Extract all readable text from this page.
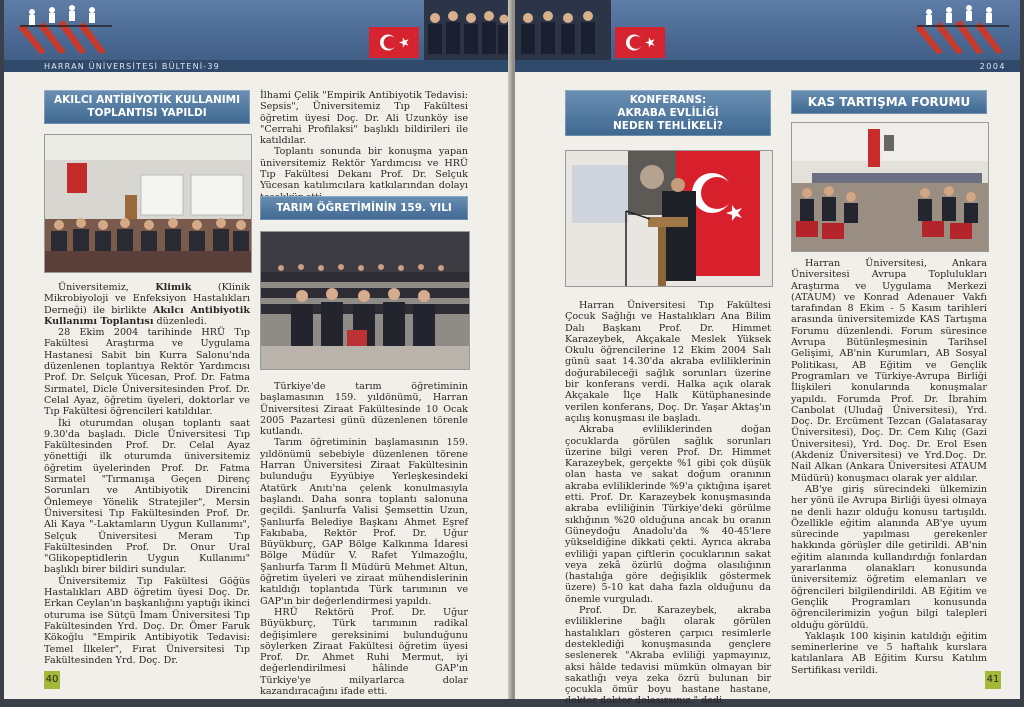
HARRAN ÜNİVERSİTESİ BÜLTENİ-39
AKILCI ANTİBİYOTİK KULLANIMI
TOPLANTISI YAPILDI

Üniversitemiz, Klimik (Klinik Mikrobiyoloji ve Enfeksiyon Hastalıkları Derneği) ile birlikte Akılcı Antibiyotik Kullanımı Toplantısı düzenledi.

28 Ekim 2004 tarihinde HRÜ Tıp Fakültesi Araştırma ve Uygulama Hastanesi Sabit bin Kurra Salonu'nda düzenlenen toplantıya Rektör Yardımcısı Prof. Dr. Selçuk Yücesan, Prof. Dr. Fatma Sırmatel, Dicle Üniversitesinden Prof. Dr. Celal Ayaz, öğretim üyeleri, doktorlar ve Tıp Fakültesi öğrencileri katıldılar.

İki oturumdan oluşan toplantı saat 9.30'da başladı. Dicle Üniversitesi Tıp Fakültesinden Prof. Dr. Celal Ayaz yönettiği ilk oturumda üniversitemiz öğretim üyelerinden Prof. Dr. Fatma Sırmatel "Tırmanışa Geçen Direnç Sorunları ve Antibiyotik Direncini Önlemeye Yönelik Stratejiler", Mersin Üniversitesi Tıp Fakültesinden Prof. Dr. Ali Kaya "-Laktamların Uygun Kullanımı", Selçuk Üniversitesi Meram Tıp Fakültesinden Prof. Dr. Onur Ural "Glikopeptidlerin Uygun Kullanımı" başlıklı birer bildiri sundular.

Üniversitemiz Tıp Fakültesi Göğüs Hastalıkları ABD öğretim üyesi Doç. Dr. Erkan Ceylan'ın başkanlığını yaptığı ikinci oturuma ise Sütçü İmam Üniversitesi Tıp Fakültesinden Yrd. Doç. Dr. Ömer Faruk Kökoğlu "Empirik Antibiyotik Tedavisi: Temel İlkeler", Fırat Üniversitesi Tıp Fakültesinden Yrd. Doç. Dr.

İlhami Çelik "Empirik Antibiyotik Tedavisi: Sepsis", Üniversitemiz Tıp Fakültesi öğretim üyesi Doç. Dr. Ali Uzunköy ise "Cerrahi Profilaksi" başlıklı bildirileri ile katıldılar.

Toplantı sonunda bir konuşma yapan üniversitemiz Rektör Yardımcısı ve HRÜ Tıp Fakültesi Dekanı Prof. Dr. Selçuk Yücesan katılımcılara katkılarından dolayı

TARIM ÖĞRETİMİNİN 159. YILI

Türkiye'de tarım öğretiminin başlamasının 159. yıldönümü, Harran Üniversitesi Ziraat Fakültesinde 10 Ocak 2005 Pazartesi günü düzenlenen törenle kutlandı.

Tarım öğretiminin başlamasının 159. yıldönümü sebebiyle düzenlenen törene Harran Üniversitesi Ziraat Fakültesinin bulunduğu Eyyübiye Yerleşkesindeki Atatürk Anıtı'na çelenk konulmasıyla başlandı. Daha sonra toplantı salonuna geçildi. Şanlıurfa Valisi Şemsettin Uzun, Şanlıurfa Belediye Başkanı Ahmet Eşref Fakıbaba, Rektör Prof. Dr. Uğur Büyükburç, GAP Bölge Kalkınma İdaresi Bölge Müdür V. Rafet Yılmazoğlu, Şanlıurfa Tarım İl Müdürü Mehmet Altun, öğretim üyeleri ve ziraat mühendislerinin katıldığı toplantıda Türk tarımının ve GAP'ın bir değerlendirmesi yapıldı.

HRÜ Rektörü Prof. Dr. Uğur Büyükburç, Türk tarımının radikal değişimlere gereksinimi bulunduğunu söylerken Ziraat Fakültesi öğretim üyesi Prof. Dr. Ahmet Ruhi Mermut, iyi değerlendirilmesi hâlinde GAP'ın Türkiye'ye milyarlarca dolar kazandıracağını ifade etti.

40
2004
KONFERANS:
AKRABA EVLİLİĞİ
NEDEN TEHLİKELİ?

Harran Üniversitesi Tıp Fakültesi Çocuk Sağlığı ve Hastalıkları Ana Bilim Dalı Başkanı Prof. Dr. Himmet Karazeybek, Akçakale Meslek Yüksek Okulu öğrencilerine 12 Ekim 2004 Salı günü saat 14.30'da akraba evliliklerinin doğurabileceği sağlık sorunları üzerine bir konferans verdi. Halka açık olarak Akçakale İlçe Halk Kütüphanesinde verilen konferans, Doç. Dr. Yaşar Aktaş'ın açılış konuşması ile başladı.

Akraba evliliklerinden doğan çocuklarda görülen sağlık sorunları üzerine bilgi veren Prof. Dr. Himmet Karazeybek, gerçekte %1 gibi çok düşük olan hasta ve sakat doğum oranının akraba evliliklerinde %9'a çıktığına işaret etti. Prof. Dr. Karazeybek konuşmasında akraba evliliğinin Türkiye'deki görülme sıklığının %20 olduğuna ancak bu oranın Güneydoğu Anadolu'da % 40-45'lere yükseldiğine dikkati çekti. Ayrıca akraba evliliği yapan çiftlerin çocuklarının sakat veya zekâ özürlü doğma olasılığının (hastalığa göre değişiklik göstermek üzere) 5-10 kat daha fazla olduğunu da önemle vurguladı.

Prof. Dr. Karazeybek, akraba evliliklerine bağlı olarak görülen hastalıkları gösteren çarpıcı resimlerle desteklediği konuşmasında gençlere seslenerek "Akraba evliliği yapmayınız, aksi hâlde tedavisi mümkün olmayan bir sakatlığı veya zeka özrü bulunan bir çocukla ömür boyu hastane hastane, doktor doktor dolaşırsınız." dedi.

KAS TARTIŞMA FORUMU

Harran Üniversitesi, Ankara Üniversitesi Avrupa Toplulukları Araştırma ve Uygulama Merkezi (ATAUM) ve Konrad Adenauer Vakfı tarafından 8 Ekim - 5 Kasım tarihleri arasında üniversitemizde KAS Tartışma Forumu düzenlendi. Forum süresince Avrupa Bütünleşmesinin Tarihsel Gelişimi, AB'nin Kurumları, AB Sosyal Politikası, AB Eğitim ve Gençlik Programları ve Türkiye-Avrupa Birliği İlişkileri konularında konuşmalar yapıldı. Forumda Prof. Dr. İbrahim Canbolat (Uludağ Üniversitesi), Yrd. Doç. Dr. Ercüment Tezcan (Galatasaray Üniversitesi), Doç. Dr. Cem Kılıç (Gazi Üniversitesi), Yrd. Doç. Dr. Erol Esen (Akdeniz Üniversitesi) ve Yrd.Doç. Dr. Nail Alkan (Ankara Üniversitesi ATAUM Müdürü) konuşmacı olarak yer aldılar.

AB'ye giriş sürecindeki ülkemizin her yönü ile Avrupa Birliği üyesi olmaya ne denli hazır olduğu konusu tartışıldı. Özellikle eğitim alanında AB'ye uyum sürecinde yapılması gerekenler hakkında görüşler dile getirildi. AB'nin eğitim alanında kullandırdığı fonlardan yararlanma olanakları konusunda üniversitemiz öğretim elemanları ve öğrencileri bilgilendirildi. AB Eğitim ve Gençlik Programları konusunda öğrencilerimizin yoğun bilgi talepleri olduğu görüldü.

Yaklaşık 100 kişinin katıldığı eğitim seminerlerine ve 5 haftalık kurslara katılanlara AB Eğitim Kursu Katılım Sertifikası verildi.

41
